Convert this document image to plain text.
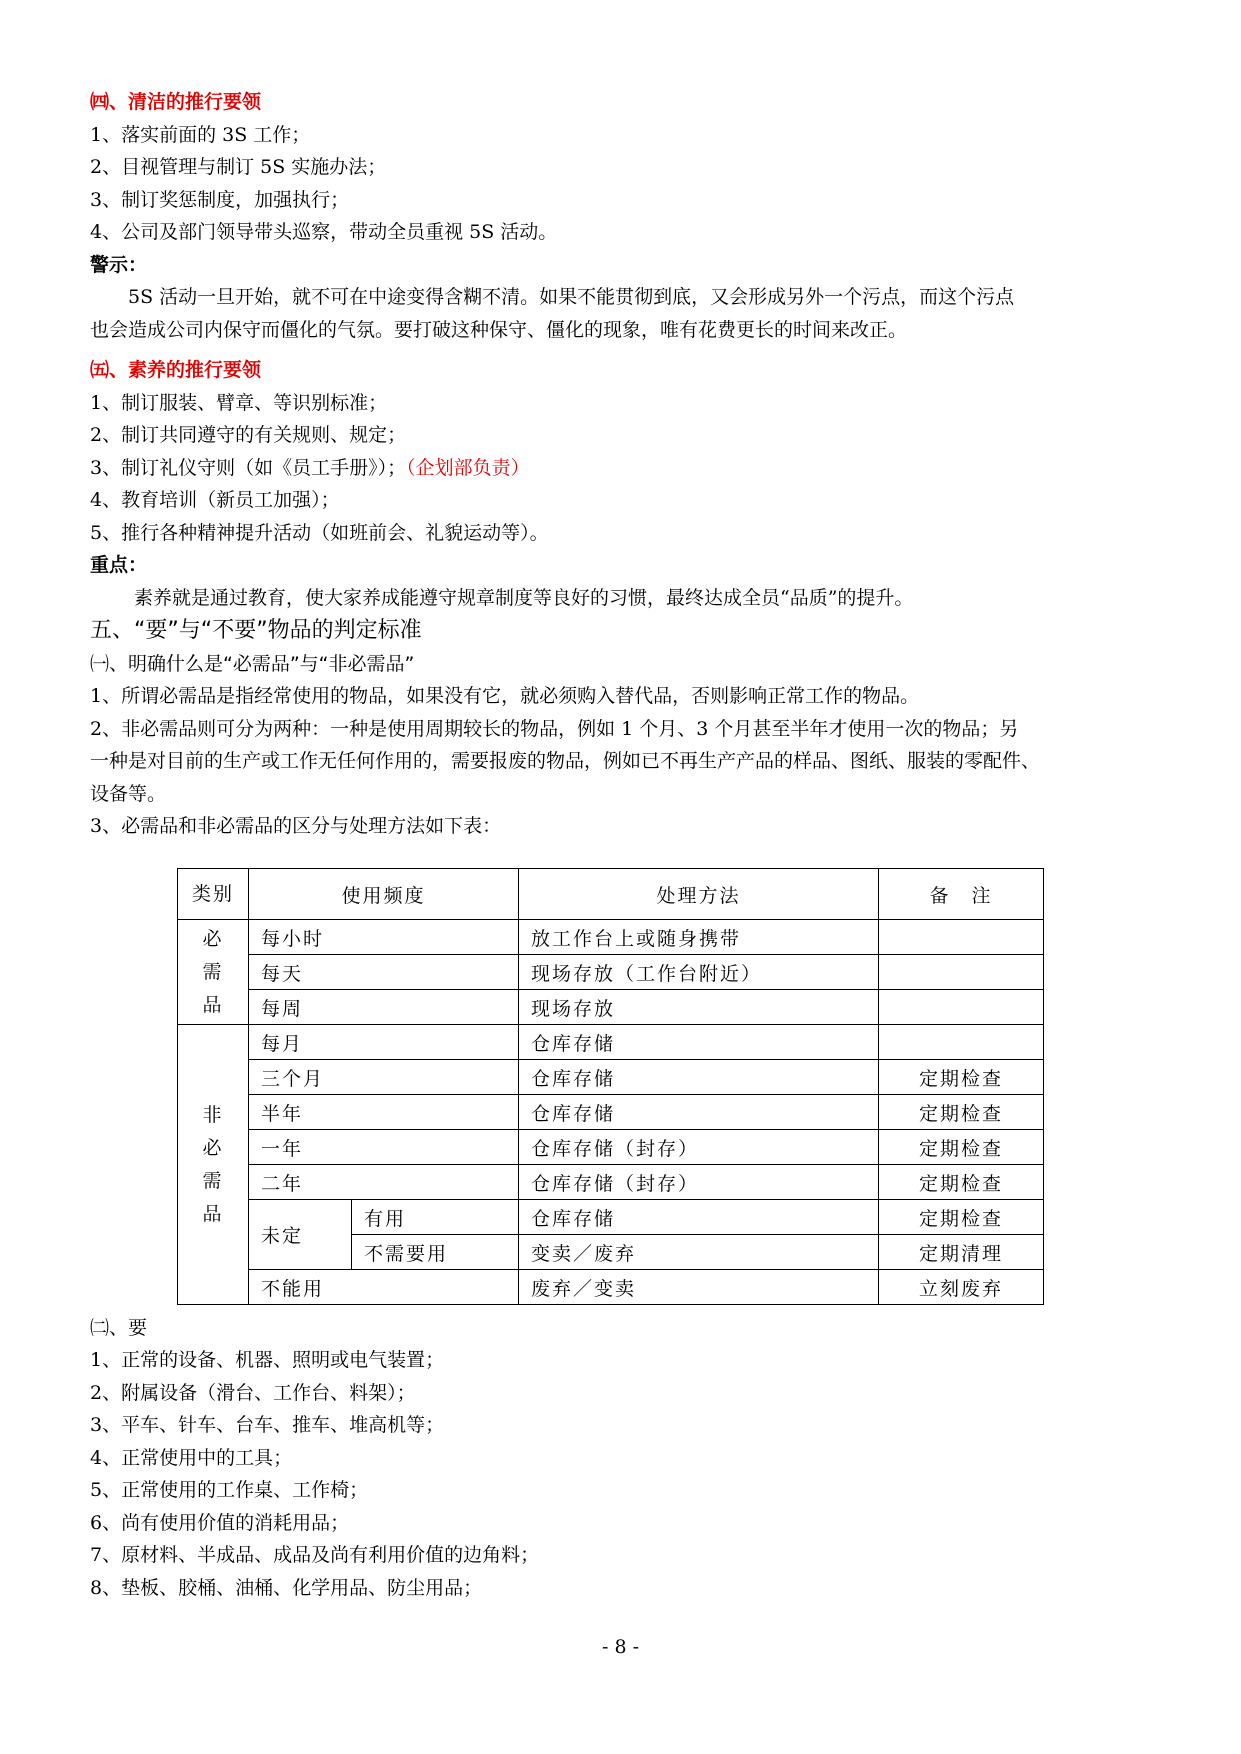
㈣、清洁的推行要领
1、落实前面的 3S 工作；
2、目视管理与制订 5S 实施办法；
3、制订奖惩制度，加强执行；
4、公司及部门领导带头巡察，带动全员重视 5S 活动。
警示：
5S 活动一旦开始，就不可在中途变得含糊不清。如果不能贯彻到底，又会形成另外一个污点，而这个污点
也会造成公司内保守而僵化的气氛。要打破这种保守、僵化的现象，唯有花费更长的时间来改正。
㈤、素养的推行要领
1、制订服装、臂章、等识别标准；
2、制订共同遵守的有关规则、规定；
3、制订礼仪守则（如《员工手册》）；（企划部负责）
4、教育培训（新员工加强）；
5、推行各种精神提升活动（如班前会、礼貌运动等）。
重点：
素养就是通过教育，使大家养成能遵守规章制度等良好的习惯，最终达成全员“品质”的提升。
五、“要”与“不要”物品的判定标准
㈠、明确什么是“必需品”与“非必需品”
1、所谓必需品是指经常使用的物品，如果没有它，就必须购入替代品，否则影响正常工作的物品。
2、非必需品则可分为两种：一种是使用周期较长的物品，例如 1 个月、3 个月甚至半年才使用一次的物品；另
一种是对目前的生产或工作无任何作用的，需要报废的物品，例如已不再生产产品的样品、图纸、服装的零配件、
设备等。
3、必需品和非必需品的区分与处理方法如下表：
类别	使用频度		处理方法	备　注

必
需
品	每小时		放工作台上或随身携带	
	每天		现场存放（工作台附近）	
	每周		现场存放	

非
必
需
品	每月		仓库存储	
	三个月		仓库存储	定期检查
	半年		仓库存储	定期检查
	一年		仓库存储（封存）	定期检查
	二年		仓库存储（封存）	定期检查
	未定	有用	仓库存储	定期检查
		不需要用	变卖／废弃	定期清理
	不能用		废弃／变卖	立刻废弃
㈡、要
1、正常的设备、机器、照明或电气装置；
2、附属设备（滑台、工作台、料架）；
3、平车、针车、台车、推车、堆高机等；
4、正常使用中的工具；
5、正常使用的工作桌、工作椅；
6、尚有使用价值的消耗用品；
7、原材料、半成品、成品及尚有利用价值的边角料；
8、垫板、胶桶、油桶、化学用品、防尘用品；
- 8 -
